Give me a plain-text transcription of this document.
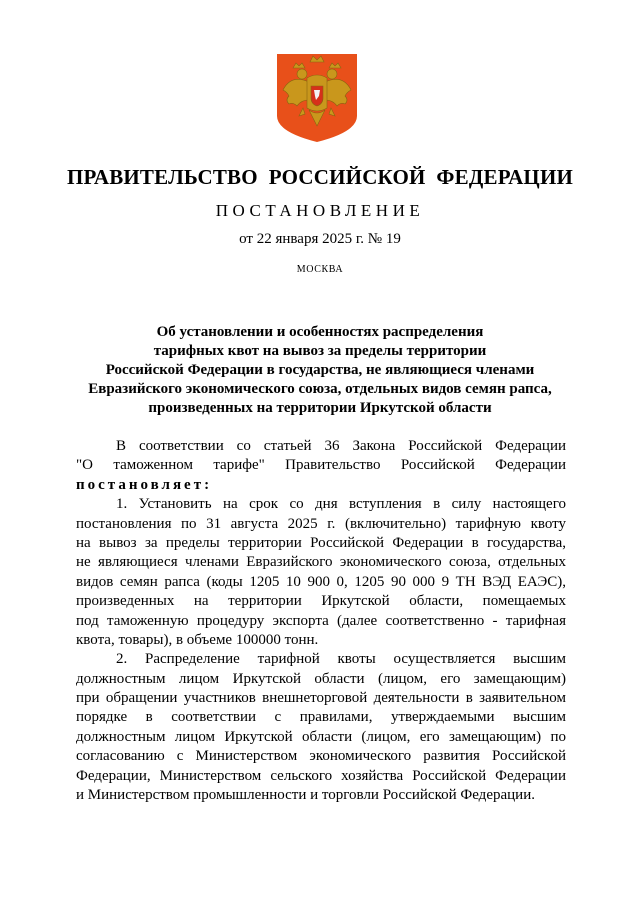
ПРАВИТЕЛЬСТВО  РОССИЙСКОЙ  ФЕДЕРАЦИИ
ПОСТАНОВЛЕНИЕ
от 22 января 2025 г. № 19
МОСКВА
Об установлении и особенностях распределения
тарифных квот на вывоз за пределы территории
Российской Федерации в государства, не являющиеся членами
Евразийского экономического союза, отдельных видов семян рапса,
произведенных на территории Иркутской области
В соответствии со статьей 36 Закона Российской Федерации
"О таможенном тарифе" Правительство Российской Федерации
постановляет:
1. Установить на срок со дня вступления в силу настоящего
постановления по 31 августа 2025 г. (включительно) тарифную квоту
на вывоз за пределы территории Российской Федерации в государства,
не являющиеся членами Евразийского экономического союза, отдельных
видов семян рапса (коды 1205 10 900 0, 1205 90 000 9 ТН ВЭД ЕАЭС),
произведенных на территории Иркутской области, помещаемых
под таможенную процедуру экспорта (далее соответственно - тарифная
квота, товары), в объеме 100000 тонн.
2. Распределение тарифной квоты осуществляется высшим
должностным лицом Иркутской области (лицом, его замещающим)
при обращении участников внешнеторговой деятельности в заявительном
порядке в соответствии с правилами, утверждаемыми высшим
должностным лицом Иркутской области (лицом, его замещающим) по
согласованию с Министерством экономического развития Российской
Федерации, Министерством сельского хозяйства Российской Федерации
и Министерством промышленности и торговли Российской Федерации.
